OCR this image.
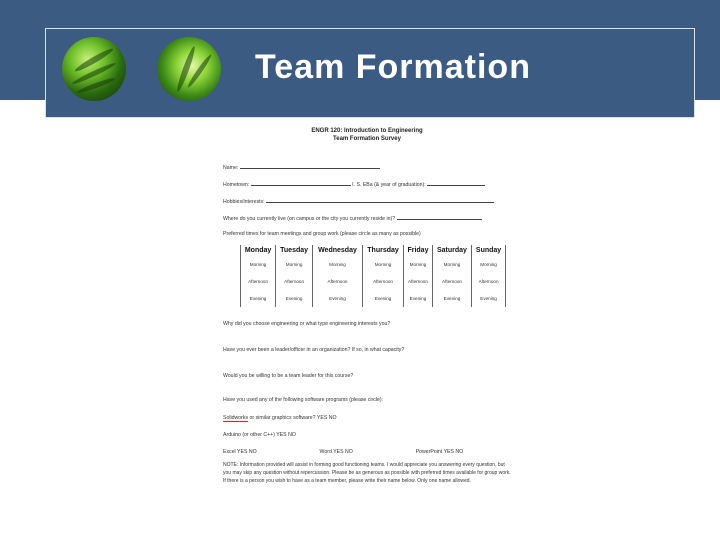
Team Formation
ENGR 120: Introduction to Engineering
Team Formation Survey
Name:
Hometown:	I. S. EBa (& year of graduation):
Hobbies/interests:
Where do you currently live (on campus or the city you currently reside in)?
Preferred times for team meetings and group work (please circle as many as possible)
Monday	Tuesday	Wednesday	Thursday	Friday	Saturday	Sunday
Morning	Morning	Morning	Morning	Morning	Morning	Morning
Afternoon	Afternoon	Afternoon	Afternoon	Afternoon	Afternoon	Afternoon
Evening	Evening	Evening	Evening	Evening	Evening	Evening
Why did you choose engineering or what type engineering interests you?
Have you ever been a leader/officer in an organization? If so, in what capacity?
Would you be willing to be a team leader for this course?
Have you used any of the following software programs (please circle):
Solidworks or similar graphics software? YES NO
Arduino (or other C++) YES NO
Excel YES NO	Word YES NO	PowerPoint YES NO
NOTE: Information provided will assist in forming good functioning teams. I would appreciate you answering every question, but you may skip any question without repercussion. Please be as generous as possible with preferred times available for group work. If there is a person you wish to have as a team member, please write their name below. Only one name allowed.
